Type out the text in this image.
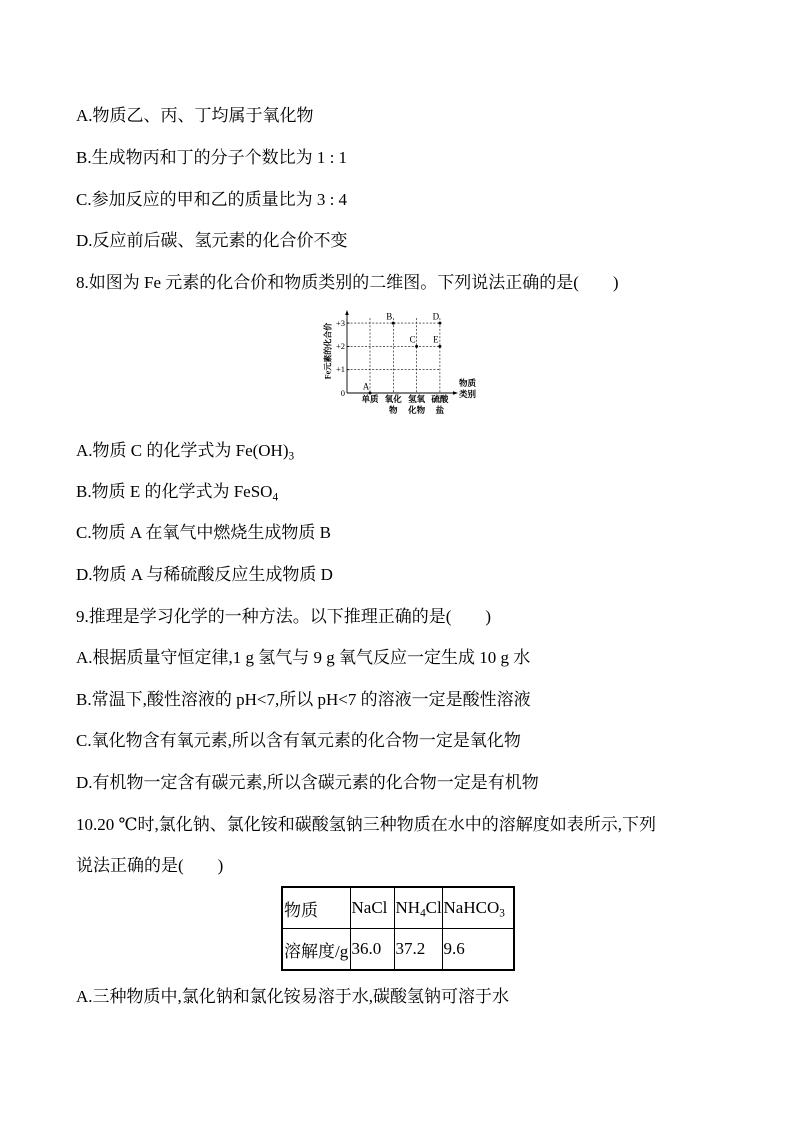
A.物质乙、丙、丁均属于氧化物
B.生成物丙和丁的分子个数比为 1 : 1
C.参加反应的甲和乙的质量比为 3 : 4
D.反应前后碳、氢元素的化合价不变
8.如图为 Fe 元素的化合价和物质类别的二维图。下列说法正确的是(　　)
Fe元素的化合价
物质类别
+3
+2
+1
0
单质 氧化物
氢氧化物
硫酸盐
A
B
C
D
E
A.物质 C 的化学式为 $Fe(OH)_3$
B.物质 E 的化学式为 FeSO$_4$
C.物质 A 在氧气中燃烧生成物质 B
D.物质 A 与稀硫酸反应生成物质 D
9.推理是学习化学的一种方法。以下推理正确的是(　　)
A.根据质量守恒定律,1 g 氢气与 9 g 氧气反应一定生成 10 g 水
B.常温下,酸性溶液的 pH<7,所以 pH<7 的溶液一定是酸性溶液
C.氧化物含有氧元素,所以含有氧元素的化合物一定是氧化物
D.有机物一定含有碳元素,所以含碳元素的化合物一定是有机物
10.20 ℃时,氯化钠、氯化铵和碳酸氢钠三种物质在水中的溶解度如表所示,下列
说法正确的是(　　)
物质	NaCl	$NH_4Cl$	NaHCO$_3$
溶解度/g	36.0	37.2	9.6
A.三种物质中,氯化钠和氯化铵易溶于水,碳酸氢钠可溶于水
